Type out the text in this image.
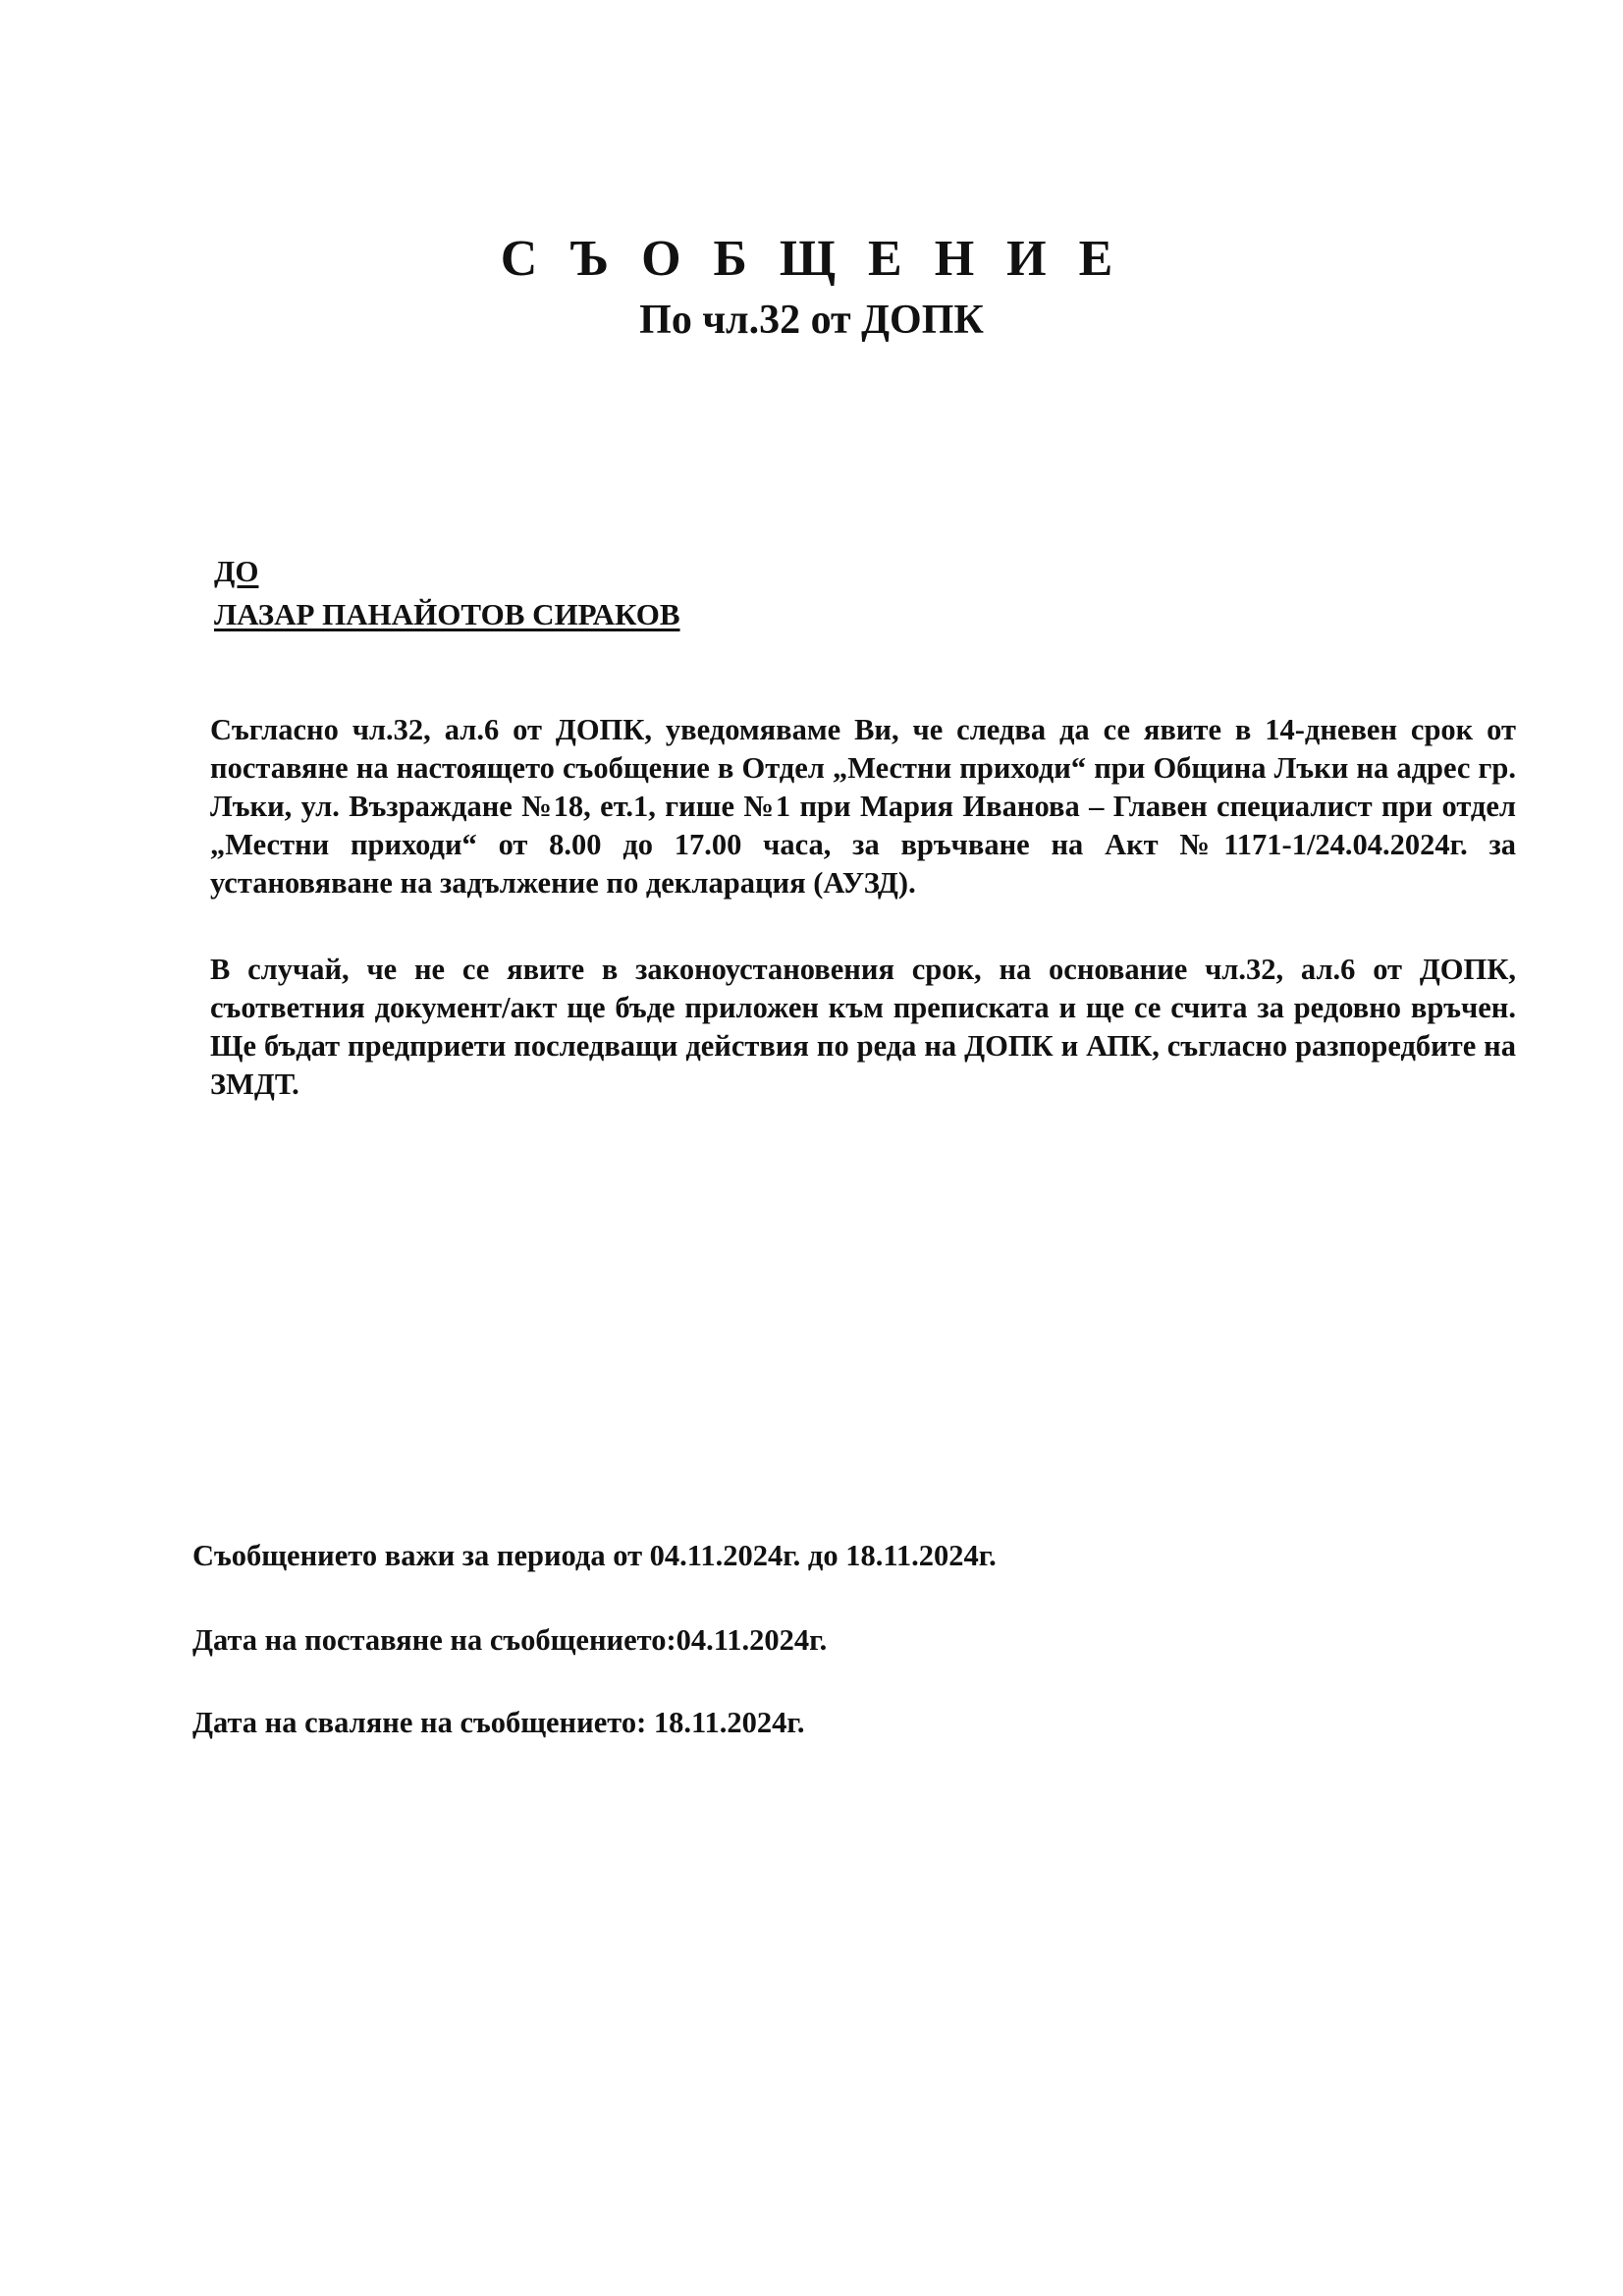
С Ъ О Б Щ Е Н И Е
По чл.32 от ДОПК
ДО
ЛАЗАР ПАНАЙОТОВ СИРАКОВ
Съгласно чл.32, ал.6 от ДОПК, уведомяваме Ви, че следва да се явите в 14-дневен срок от поставяне на настоящето съобщение в Отдел „Местни приходи“ при Община Лъки на адрес гр. Лъки, ул. Възраждане №18, ет.1, гише №1 при Мария Иванова – Главен специалист при отдел „Местни приходи“ от 8.00 до 17.00 часа, за връчване на Акт №1171-1/24.04.2024г. за установяване на задължение по декларация (АУЗД).
В случай, че не се явите в законоустановения срок, на основание чл.32, ал.6 от ДОПК, съответния документ/акт ще бъде приложен към преписката и ще се счита за редовно връчен. Ще бъдат предприети последващи действия по реда на ДОПК и АПК, съгласно разпоредбите на ЗМДТ.
Съобщението важи за периода от 04.11.2024г. до 18.11.2024г.
Дата на поставяне на съобщението:04.11.2024г.
Дата на сваляне на съобщението: 18.11.2024г.
